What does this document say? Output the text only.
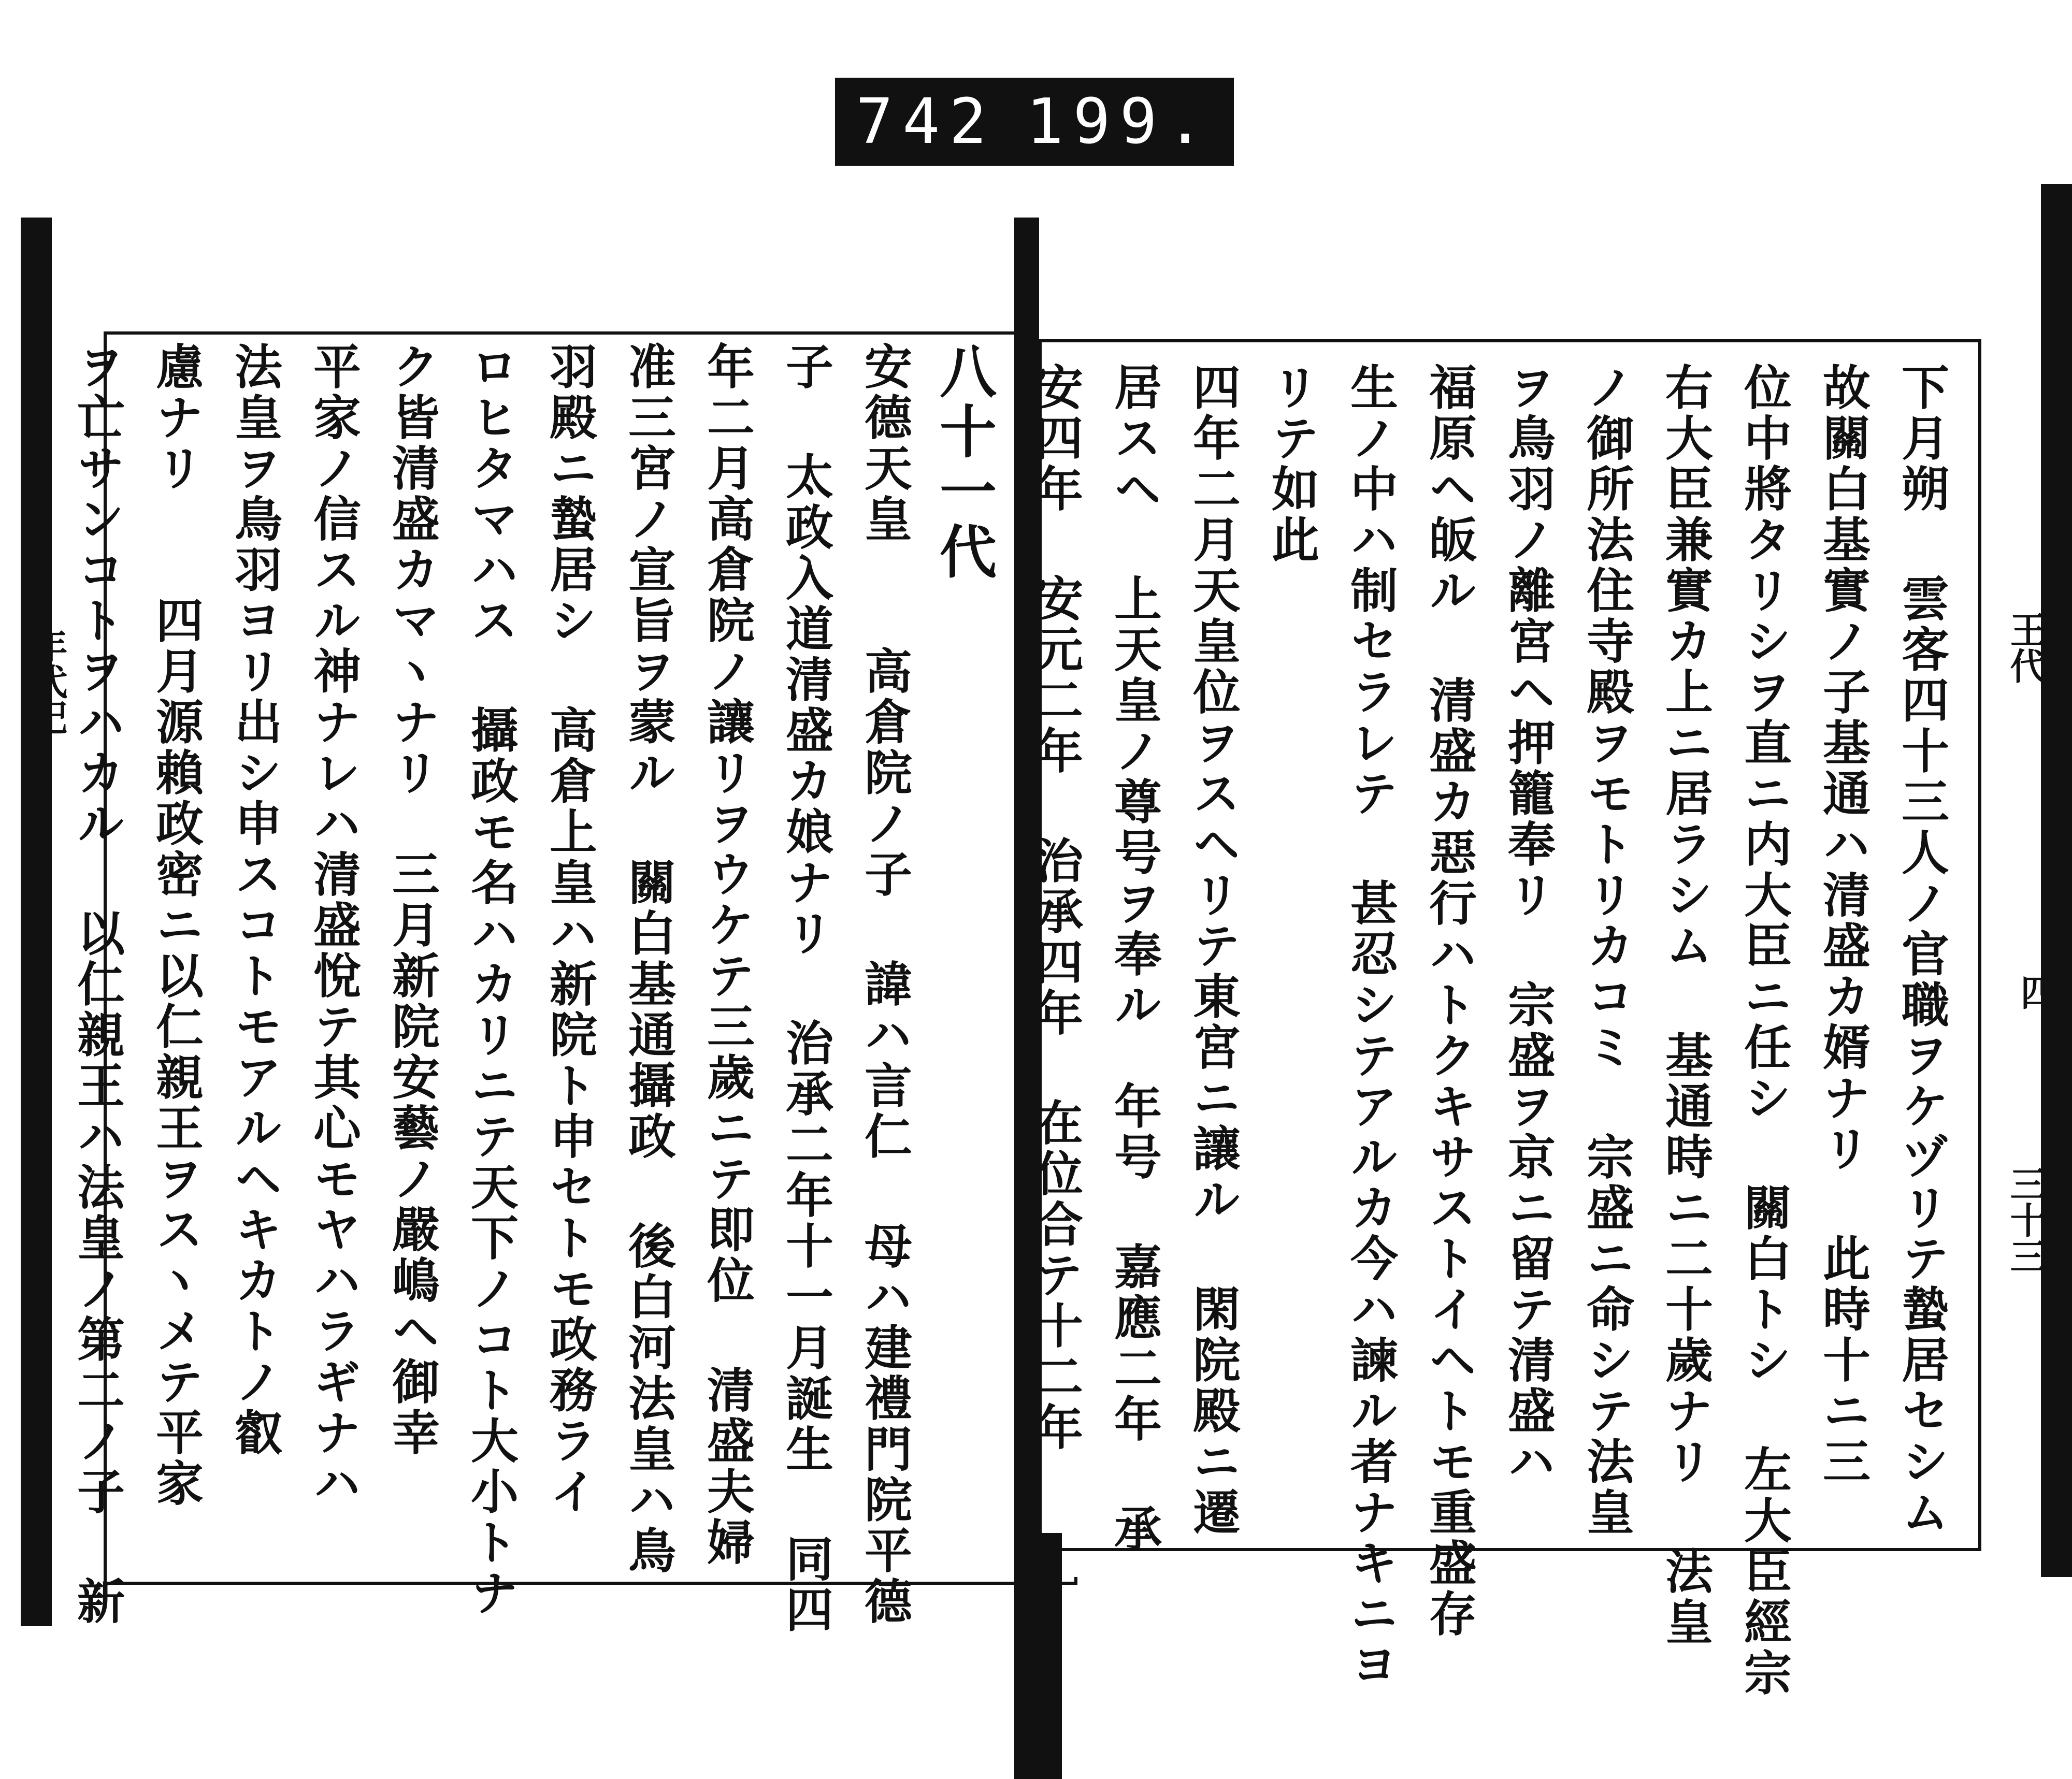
742 199.
年代記	王代
三十三
四
八十一代
安德天皇　　高倉院ノ子 諱ハ言仁 母ハ建禮門院平德
子 太政入道清盛カ娘ナリ 治承二年十一月誕生 同四
年二月高倉院ノ讓リヲウケテ三歲ニテ即位 清盛夫婦
准三宮ノ宣旨ヲ蒙ル 關白基通攝政 後白河法皇ハ鳥
羽殿ニ蟄居シ 高倉上皇ハ新院ト申セトモ政務ライ
ロヒタマハス 攝政モ名ハカリニテ天下ノコト大小トナ
ク皆清盛カマヽナリ　三月新院安藝ノ嚴嶋ヘ御幸
平家ノ信スル神ナレハ清盛悅テ其心モヤハラギナハ
法皇ヲ鳥羽ヨリ出シ申スコトモアルヘキカトノ叡
慮ナリ　　四月源賴政密ニ以仁親王ヲスヽメテ平家
ヲ亡サンコトヲハカル 以仁親王ハ法皇ノ第二ノ子 新	下月朔 雲客四十三人ノ官職ヲケヅリテ蟄居セシム
故關白基實ノ子基通ハ清盛カ婿ナリ 此時十ニ三
位中將タリシヲ直ニ内大臣ニ任シ 關白トシ 左大臣經宗
右大臣兼實カ上ニ居ラシム 基通時ニ二十歲ナリ 法皇
ノ御所法住寺殿ヲモトリカコミ 宗盛ニ命シテ法皇
ヲ鳥羽ノ離宮ヘ押籠奉リ 宗盛ヲ京ニ留テ清盛ハ
福原ヘ皈ル 清盛カ惡行ハトクキサストイヘトモ重盛存
生ノ中ハ制セラレテ 甚忍シテアルカ今ハ諫ル者ナキニヨ
リテ如此
四年二月天皇位ヲスヘリテ東宮ニ讓ル 閑院殿ニ遷
居スヘ 上天皇ノ尊号ヲ奉ル　年号 嘉應二年 承
安四年 安元二年 治承四年 在位合テ十二年
